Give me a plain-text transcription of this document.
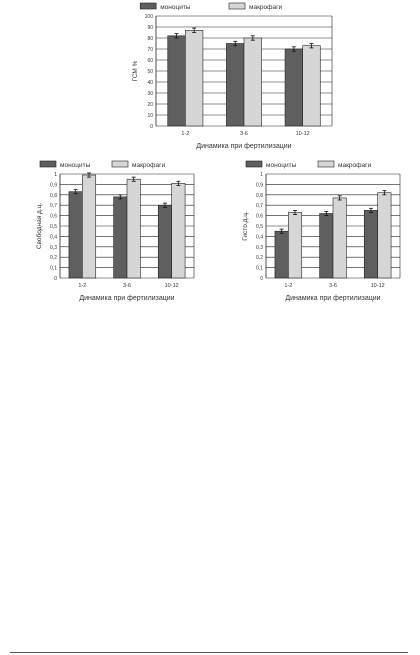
моноциты	макрофаги
0
10
20
30
40
50
60
70
80
90
100
ГСМ %
1-2	3-6	10-12
Динамика при фертилизации
моноциты	макрофаги
0
0,1
0,2
0,3
0,4
0,5
0,6
0,7
0,8
0,9
1
Свободная д.ц.
1-2	3-6	10-12
Динамика при фертилизации
моноциты	макрофаги
0
0,1
0,2
0,3
0,4
0,5
0,6
0,7
0,8
0,9
1
Гисто.д.ц.
1-2	3-6	10-12
Динамика при фертилизации
